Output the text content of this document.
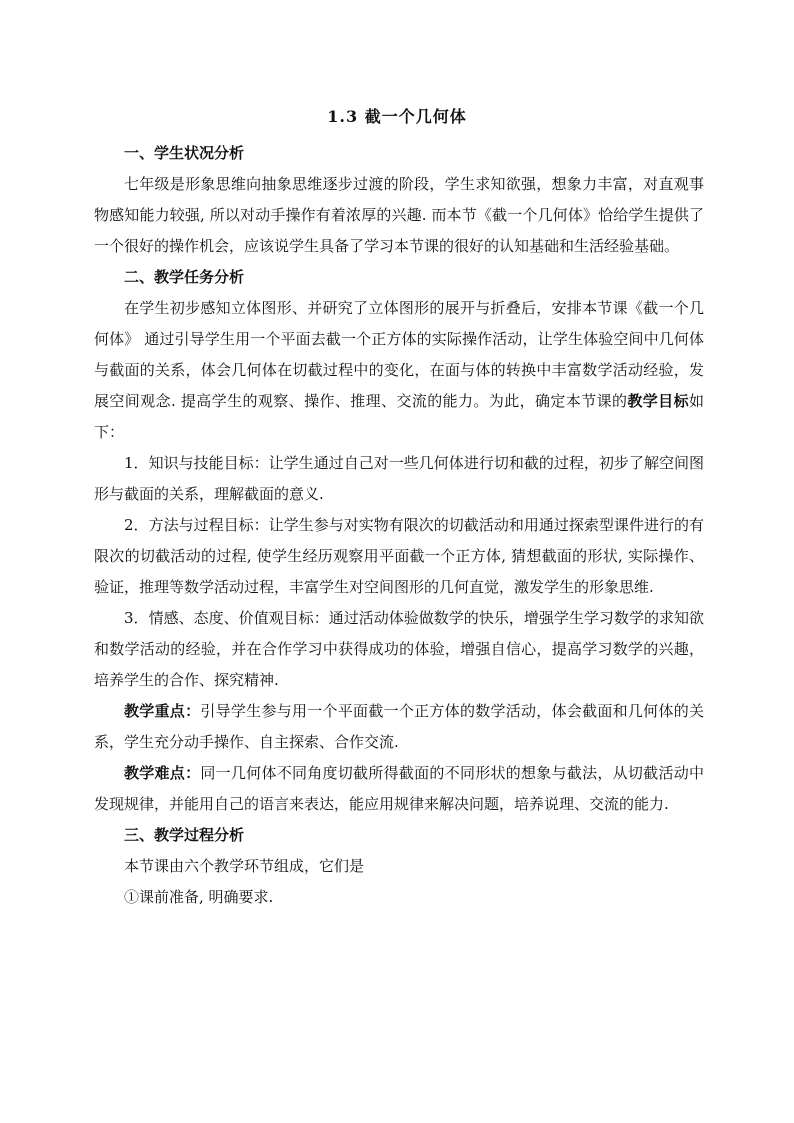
1.3 截一个几何体
一、学生状况分析

七年级是形象思维向抽象思维逐步过渡的阶段，学生求知欲强，想象力丰富，对直观事物感知能力较强, 所以对动手操作有着浓厚的兴趣. 而本节《截一个几何体》恰给学生提供了一个很好的操作机会，应该说学生具备了学习本节课的很好的认知基础和生活经验基础。

二、教学任务分析

在学生初步感知立体图形、并研究了立体图形的展开与折叠后，安排本节课《截一个几何体》 通过引导学生用一个平面去截一个正方体的实际操作活动，让学生体验空间中几何体与截面的关系，体会几何体在切截过程中的变化，在面与体的转换中丰富数学活动经验，发展空间观念. 提高学生的观察、操作、推理、交流的能力。为此，确定本节课的教学目标如下：

1．知识与技能目标：让学生通过自己对一些几何体进行切和截的过程，初步了解空间图形与截面的关系，理解截面的意义.

2．方法与过程目标：让学生参与对实物有限次的切截活动和用通过探索型课件进行的有限次的切截活动的过程, 使学生经历观察用平面截一个正方体, 猜想截面的形状, 实际操作、验证，推理等数学活动过程，丰富学生对空间图形的几何直觉，激发学生的形象思维.

3．情感、态度、价值观目标：通过活动体验做数学的快乐，增强学生学习数学的求知欲和数学活动的经验，并在合作学习中获得成功的体验，增强自信心，提高学习数学的兴趣，培养学生的合作、探究精神.

教学重点：引导学生参与用一个平面截一个正方体的数学活动，体会截面和几何体的关系，学生充分动手操作、自主探索、合作交流.

教学难点：同一几何体不同角度切截所得截面的不同形状的想象与截法，从切截活动中发现规律，并能用自己的语言来表达，能应用规律来解决问题，培养说理、交流的能力.

三、教学过程分析

本节课由六个教学环节组成，它们是

①课前准备, 明确要求.
